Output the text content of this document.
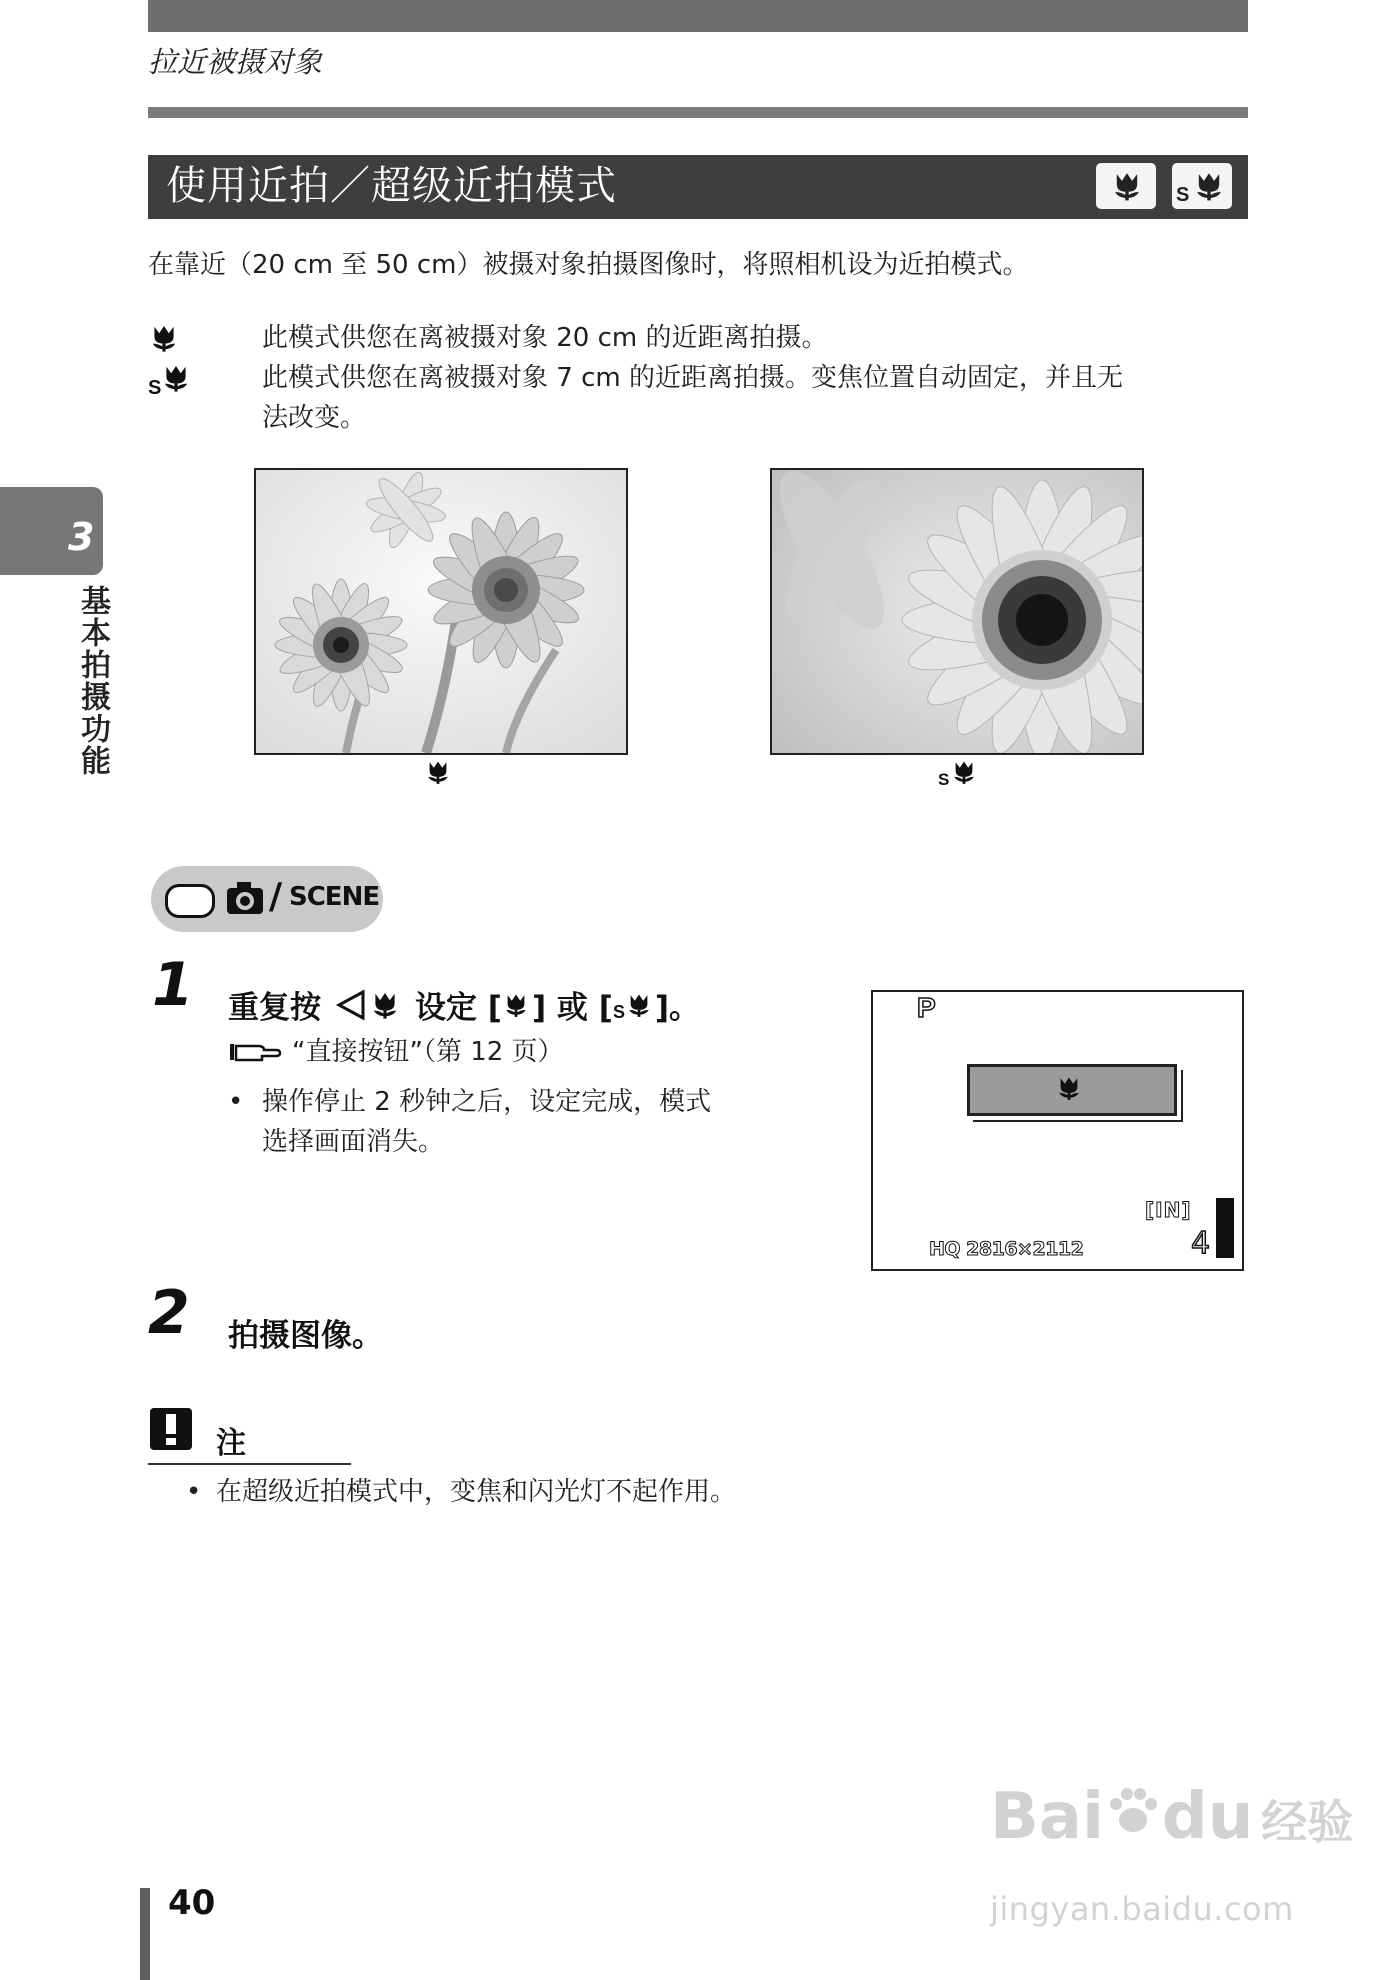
拉近被摄对象
使用近拍／超级近拍模式	S
在靠近（20 cm 至 50 cm）被摄对象拍摄图像时，将照相机设为近拍模式。
此模式供您在离被摄对象 20 cm 的近距离拍摄。
S	此模式供您在离被摄对象 7 cm 的近距离拍摄。变焦位置自动固定，并且无
法改变。
3
基本拍摄功能
S
/ SCENE
1 重复按	设定 [ ] 或 [ S ]。
“直接按钮”（第 12 页）
• 操作停止 2 秒钟之后，设定完成，模式
选择画面消失。
P
[IN]
HQ 2816×2112	4
2 拍摄图像。
注
• 在超级近拍模式中，变焦和闪光灯不起作用。
40
Bai du 经验
jingyan.baidu.com
